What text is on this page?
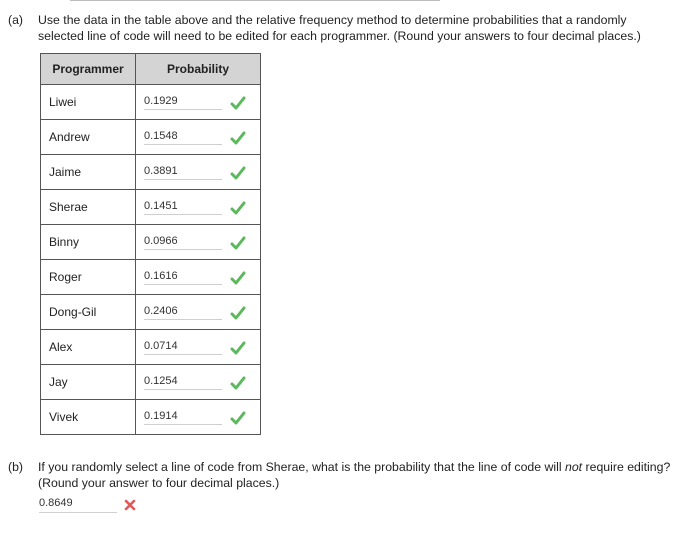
(a) Use the data in the table above and the relative frequency method to determine probabilities that a randomly
selected line of code will need to be edited for each programmer. (Round your answers to four decimal places.)
Programmer	Probability
Liwei	0.1929

Andrew	0.1548

Jaime	0.3891

Sherae	0.1451

Binny	0.0966

Roger	0.1616

Dong-Gil	0.2406

Alex	0.0714

Jay	0.1254

Vivek	0.1914
(b) If you randomly select a line of code from Sherae, what is the probability that the line of code will not require editing?
(Round your answer to four decimal places.)
0.8649
